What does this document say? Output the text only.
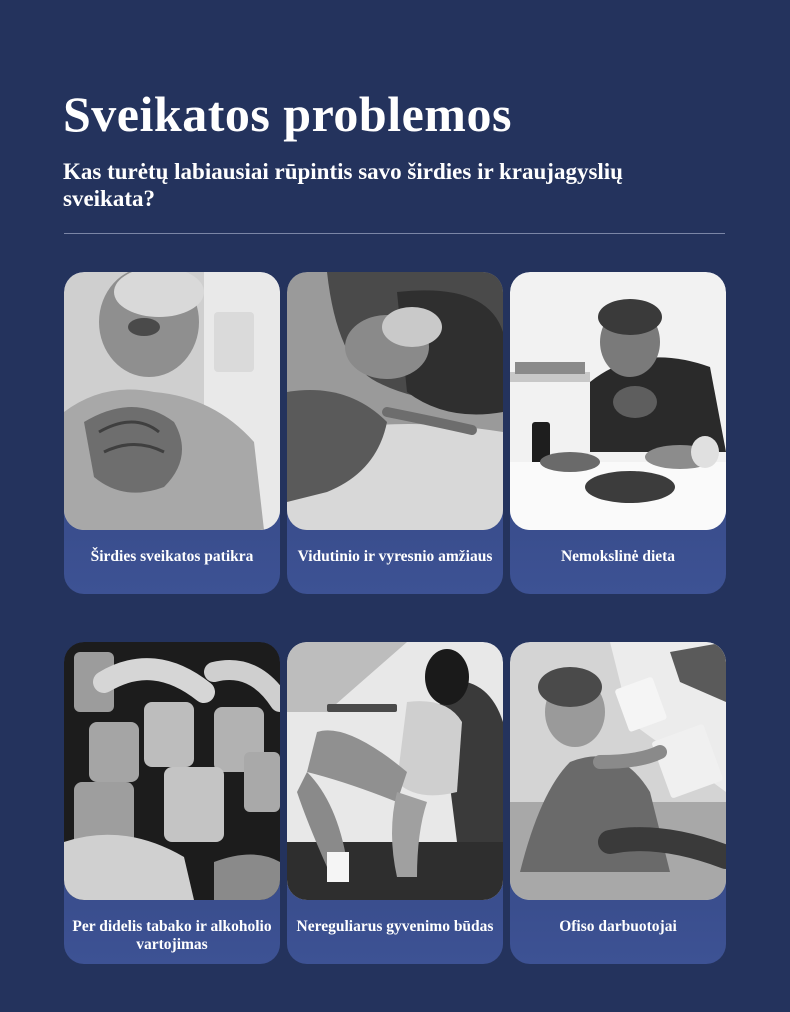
Sveikatos problemos
Kas turėtų labiausiai rūpintis savo širdies ir kraujagyslių sveikata?
Širdies sveikatos patikra	Vidutinio ir vyresnio amžiaus	Nemokslinė dieta
Per didelis tabako ir alkoholio vartojimas
Nereguliarus gyvenimo būdas	Ofiso darbuotojai
